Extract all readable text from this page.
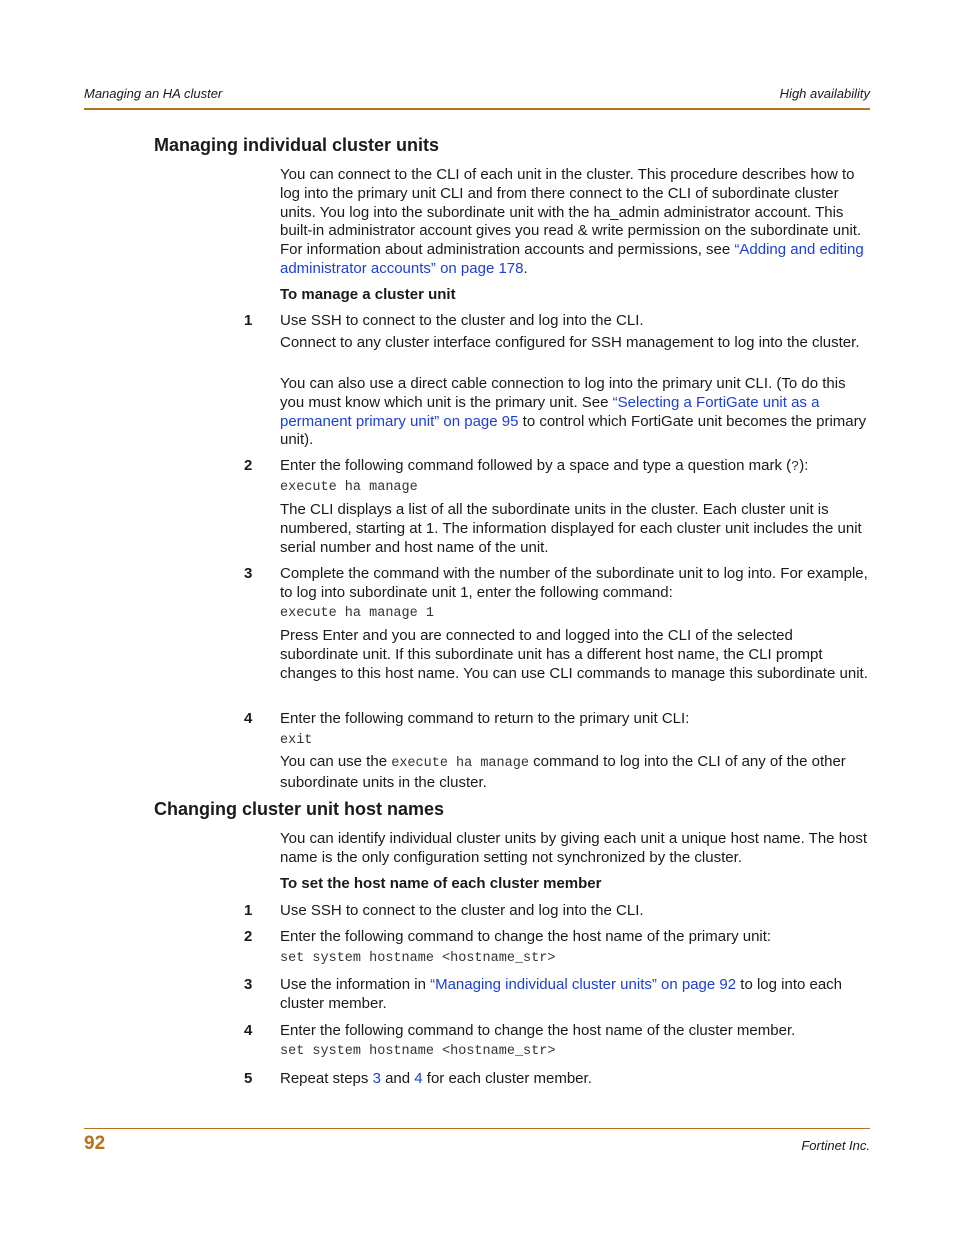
Managing an HA cluster	High availability
Managing individual cluster units

You can connect to the CLI of each unit in the cluster. This procedure describes how to log into the primary unit CLI and from there connect to the CLI of subordinate cluster units. You log into the subordinate unit with the ha_admin administrator account. This built-in administrator account gives you read & write permission on the subordinate unit. For information about administration accounts and permissions, see “Adding and editing administrator accounts” on page 178.

To manage a cluster unit

1 Use SSH to connect to the cluster and log into the CLI.

Connect to any cluster interface configured for SSH management to log into the cluster.

You can also use a direct cable connection to log into the primary unit CLI. (To do this you must know which unit is the primary unit. See “Selecting a FortiGate unit as a permanent primary unit” on page 95 to control which FortiGate unit becomes the primary unit).

2 Enter the following command followed by a space and type a question mark (?):

execute ha manage

The CLI displays a list of all the subordinate units in the cluster. Each cluster unit is numbered, starting at 1. The information displayed for each cluster unit includes the unit serial number and host name of the unit.

3 Complete the command with the number of the subordinate unit to log into. For example, to log into subordinate unit 1, enter the following command:

execute ha manage 1

Press Enter and you are connected to and logged into the CLI of the selected subordinate unit. If this subordinate unit has a different host name, the CLI prompt changes to this host name. You can use CLI commands to manage this subordinate unit.

4 Enter the following command to return to the primary unit CLI:

exit

You can use the execute ha manage command to log into the CLI of any of the other subordinate units in the cluster.

Changing cluster unit host names

You can identify individual cluster units by giving each unit a unique host name. The host name is the only configuration setting not synchronized by the cluster.

To set the host name of each cluster member

1 Use SSH to connect to the cluster and log into the CLI.

2 Enter the following command to change the host name of the primary unit:

set system hostname <hostname_str>
3 Use the information in “Managing individual cluster units” on page 92 to log into each cluster member.

4 Enter the following command to change the host name of the cluster member.

set system hostname <hostname_str>
5 Repeat steps 3 and 4 for each cluster member.

92	Fortinet Inc.
